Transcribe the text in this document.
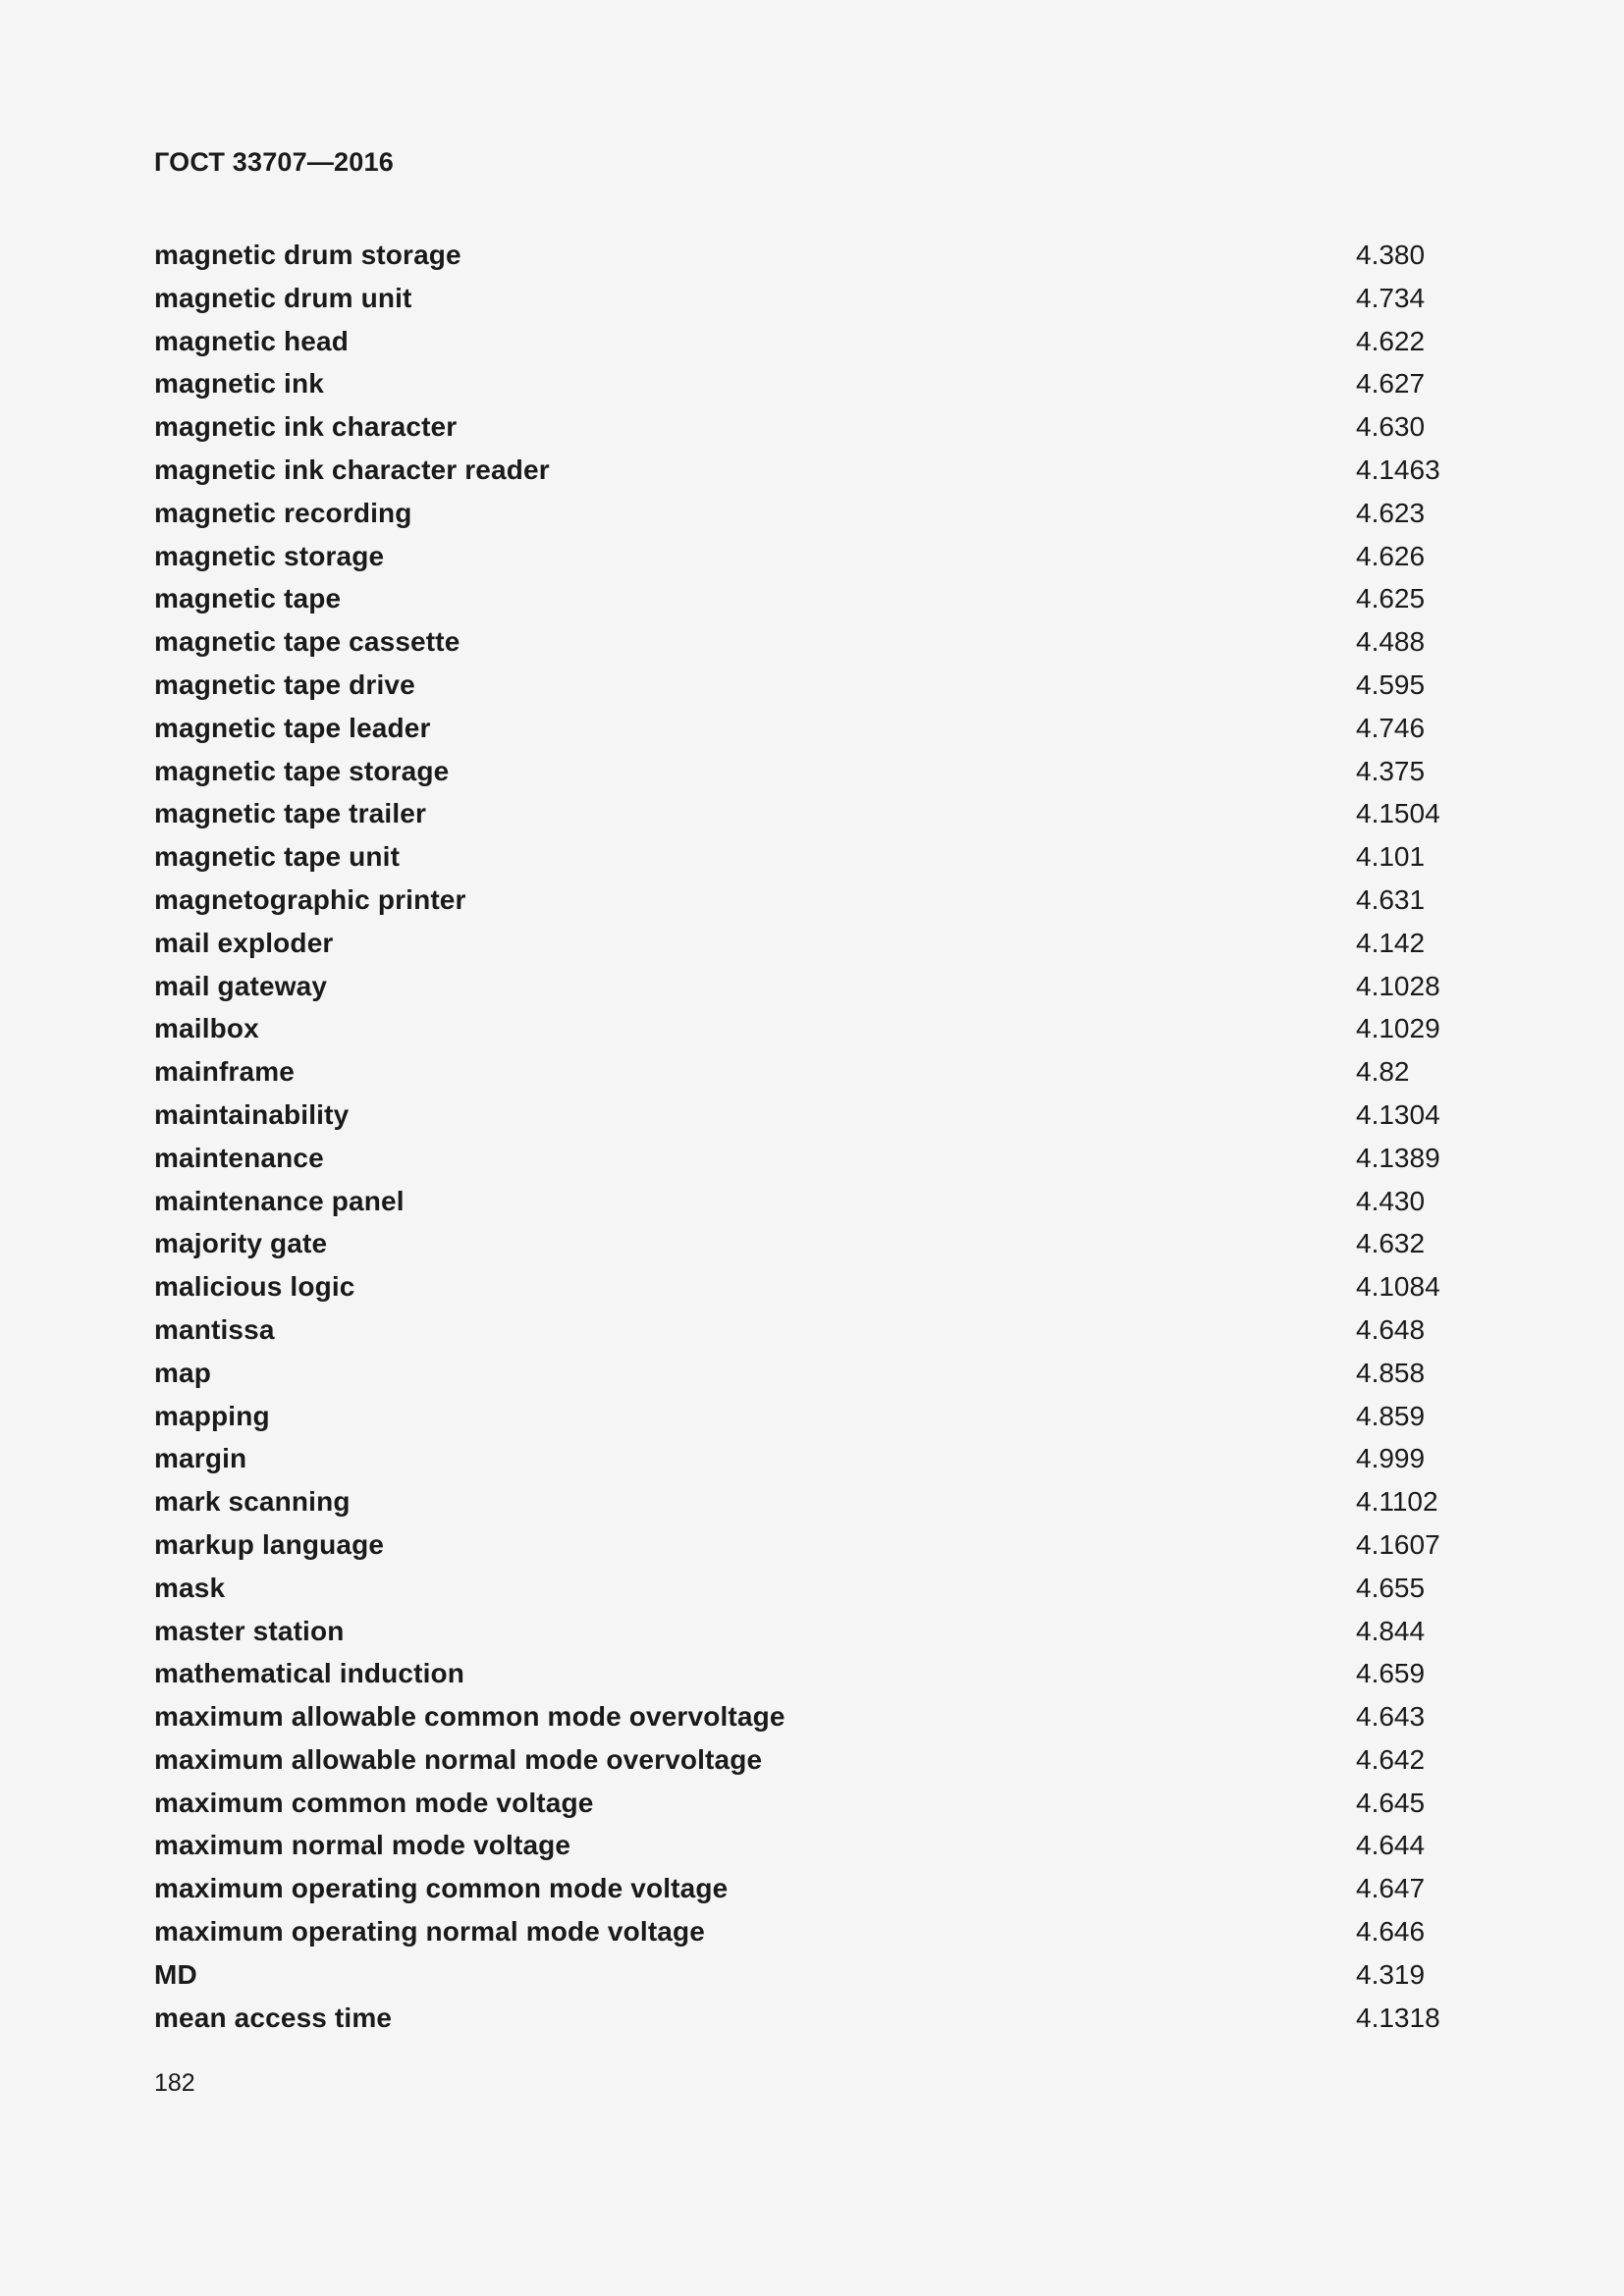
ГОСТ 33707—2016
magnetic drum storage	4.380
magnetic drum unit	4.734
magnetic head	4.622
magnetic ink	4.627
magnetic ink character	4.630
magnetic ink character reader	4.1463
magnetic recording	4.623
magnetic storage	4.626
magnetic tape	4.625
magnetic tape cassette	4.488
magnetic tape drive	4.595
magnetic tape leader	4.746
magnetic tape storage	4.375
magnetic tape trailer	4.1504
magnetic tape unit	4.101
magnetographic printer	4.631
mail exploder	4.142
mail gateway	4.1028
mailbox	4.1029
mainframe	4.82
maintainability	4.1304
maintenance	4.1389
maintenance panel	4.430
majority gate	4.632
malicious logic	4.1084
mantissa	4.648
map	4.858
mapping	4.859
margin	4.999
mark scanning	4.1102
markup language	4.1607
mask	4.655
master station	4.844
mathematical induction	4.659
maximum allowable common mode overvoltage	4.643
maximum allowable normal mode overvoltage	4.642
maximum common mode voltage	4.645
maximum normal mode voltage	4.644
maximum operating common mode voltage	4.647
maximum operating normal mode voltage	4.646
MD	4.319
mean access time	4.1318
182
